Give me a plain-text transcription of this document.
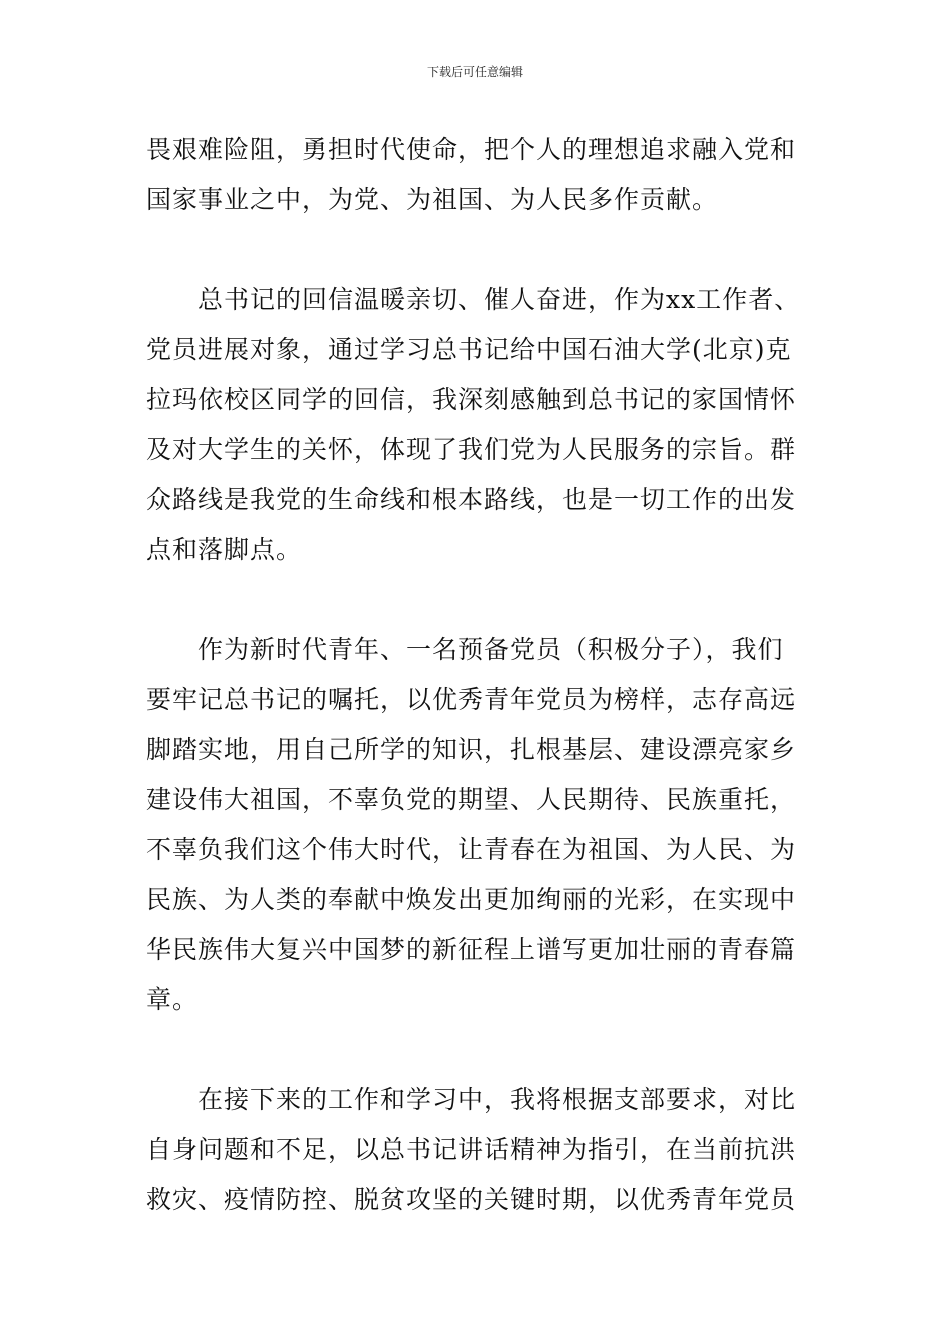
下载后可任意编辑

畏艰难险阻，勇担时代使命，把个人的理想追求融入党和
国家事业之中，为党、为祖国、为人民多作贡献。

总书记的回信温暖亲切、催人奋进，作为xx工作者、
党员进展对象，通过学习总书记给中国石油大学(北京)克
拉玛依校区同学的回信，我深刻感触到总书记的家国情怀
及对大学生的关怀，体现了我们党为人民服务的宗旨。群
众路线是我党的生命线和根本路线，也是一切工作的出发
点和落脚点。

作为新时代青年、一名预备党员（积极分子），我们
要牢记总书记的嘱托，以优秀青年党员为榜样，志存高远
脚踏实地，用自己所学的知识，扎根基层、建设漂亮家乡
建设伟大祖国，不辜负党的期望、人民期待、民族重托，
不辜负我们这个伟大时代，让青春在为祖国、为人民、为
民族、为人类的奉献中焕发出更加绚丽的光彩，在实现中
华民族伟大复兴中国梦的新征程上谱写更加壮丽的青春篇
章。

在接下来的工作和学习中，我将根据支部要求，对比
自身问题和不足，以总书记讲话精神为指引，在当前抗洪
救灾、疫情防控、脱贫攻坚的关键时期，以优秀青年党员
